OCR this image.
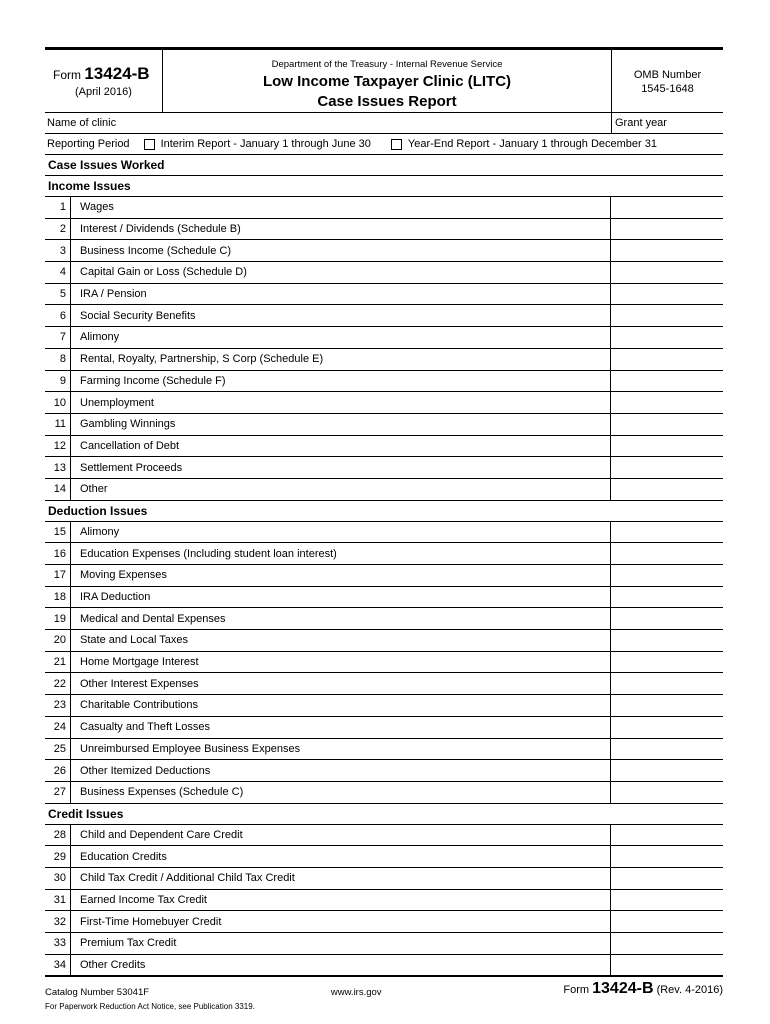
Form 13424-B
(April 2016)
Department of the Treasury - Internal Revenue Service
Low Income Taxpayer Clinic (LITC)
Case Issues Report
OMB Number
1545-1648
Name of clinic	Grant year
Reporting Period	Interim Report - January 1 through June 30	Year-End Report - January 1 through December 31
Case Issues Worked
Income Issues
1	Wages
2	Interest / Dividends (Schedule B)
3	Business Income (Schedule C)
4	Capital Gain or Loss (Schedule D)
5	IRA / Pension
6	Social Security Benefits
7	Alimony
8	Rental, Royalty, Partnership, S Corp (Schedule E)
9	Farming Income (Schedule F)
10	Unemployment
11	Gambling Winnings
12	Cancellation of Debt
13	Settlement Proceeds
14	Other
Deduction Issues
15	Alimony
16	Education Expenses (Including student loan interest)
17	Moving Expenses
18	IRA Deduction
19	Medical and Dental Expenses
20	State and Local Taxes
21	Home Mortgage Interest
22	Other Interest Expenses
23	Charitable Contributions
24	Casualty and Theft Losses
25	Unreimbursed Employee Business Expenses
26	Other Itemized Deductions
27	Business Expenses (Schedule C)
Credit Issues
28	Child and Dependent Care Credit
29	Education Credits
30	Child Tax Credit / Additional Child Tax Credit
31	Earned Income Tax Credit
32	First-Time Homebuyer Credit
33	Premium Tax Credit
34	Other Credits
Catalog Number 53041F	www.irs.gov	Form 13424-B (Rev. 4-2016)
For Paperwork Reduction Act Notice, see Publication 3319.
